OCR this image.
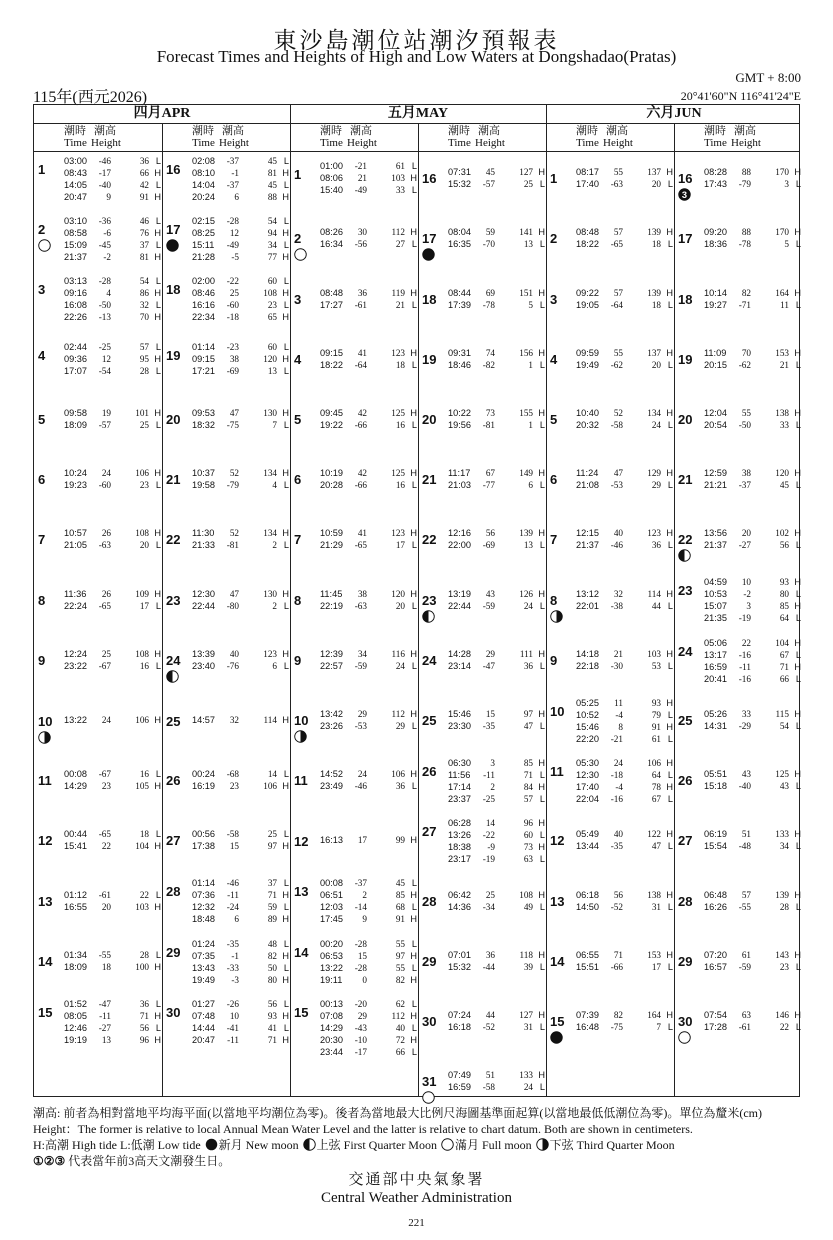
東沙島潮位站潮汐預報表
Forecast Times and Heights of High and Low Waters at Dongshadao(Pratas)
GMT + 8:00
115年(西元2026)	20°41'60"N 116°41'24"E
四月APR
潮時 潮高
Time Height
潮時 潮高
Time Height
1
03:00 -46	36 L
08:43 -17	66 H
14:05 -40	42 L
20:47 9	91 H
2
03:10 -36	46 L
08:58 -6	76 H
15:09 -45	37 L
21:37 -2	81 H
3
03:13 -28	54 L
09:16 4	86 H
16:08 -50	32 L
22:26 -13	70 H
4
02:44 -25	57 L
09:36 12	95 H
17:07 -54	28 L
5 09:58 19	101 H
18:09 -57	25 L
6 10:24 24	106 H
19:23 -60	23 L
7 10:57 26	108 H
21:05 -63	20 L
8 11:36 26	109 H
22:24 -65	17 L
9 12:24 25	108 H
23:22 -67	16 L
10 13:22 24	106 H
11 00:08 -67	16 L
14:29 23	105 H
12 00:44 -65	18 L
15:41 22	104 H
13 01:12 -61	22 L
16:55 20	103 H
14 01:34 -55	28 L
18:09 18	100 H
15
01:52 -47	36 L
08:05 -11	71 H
12:46 -27	56 L
19:19 13	96 H
16
02:08 -37	45 L
08:10 -1	81 H
14:04 -37	45 L
20:24 6	88 H
17
02:15 -28	54 L
08:25 12	94 H
15:11 -49	34 L
21:28 -5	77 H
18
02:00 -22	60 L
08:46 25	108 H
16:16 -60	23 L
22:34 -18	65 H
19
01:14 -23	60 L
09:15 38	120 H
17:21 -69	13 L
20 09:53 47	130 H
18:32 -75	7 L
21 10:37 52	134 H
19:58 -79	4 L
22 11:30 52	134 H
21:33 -81	2 L
23 12:30 47	130 H
22:44 -80	2 L
24 13:39 40	123 H
23:40 -76	6 L
25 14:57 32	114 H
26 00:24 -68	14 L
16:19 23	106 H
27 00:56 -58	25 L
17:38 15	97 H
28
01:14 -46	37 L
07:36 -11	71 H
12:32 -24	59 L
18:48 6	89 H
29
01:24 -35	48 L
07:35 -1	82 H
13:43 -33	50 L
19:49 -3	80 H
30
01:27 -26	56 L
07:48 10	93 H
14:44 -41	41 L
20:47 -11	71 H
五月MAY
潮時 潮高
Time Height
潮時 潮高
Time Height
1
01:00 -21	61 L
08:06 21	103 H
15:40 -49	33 L
2 08:26 30	112 H
16:34 -56	27 L
3 08:48 36	119 H
17:27 -61	21 L
4 09:15 41	123 H
18:22 -64	18 L
5 09:45 42	125 H
19:22 -66	16 L
6 10:19 42	125 H
20:28 -66	16 L
7 10:59 41	123 H
21:29 -65	17 L
8 11:45 38	120 H
22:19 -63	20 L
9 12:39 34	116 H
22:57 -59	24 L
10 13:42 29	112 H
23:26 -53	29 L
11 14:52 24	106 H
23:49 -46	36 L
12 16:13 17	99 H
13
00:08 -37	45 L
06:51 2	85 H
12:03 -14	68 L
17:45 9	91 H
14
00:20 -28	55 L
06:53 15	97 H
13:22 -28	55 L
19:11 0	82 H
15
00:13 -20	62 L
07:08 29	112 H
14:29 -43	40 L
20:30 -10	72 H
23:44 -17	66 L
16 07:31 45	127 H
15:32 -57	25 L
17 08:04 59	141 H
16:35 -70	13 L
18 08:44 69	151 H
17:39 -78	5 L
19 09:31 74	156 H
18:46 -82	1 L
20 10:22 73	155 H
19:56 -81	1 L
21 11:17 67	149 H
21:03 -77	6 L
22 12:16 56	139 H
22:00 -69	13 L
23 13:19 43	126 H
22:44 -59	24 L
24 14:28 29	111 H
23:14 -47	36 L
25 15:46 15	97 H
23:30 -35	47 L
26
06:30 3	85 H
11:56 -11	71 L
17:14 2	84 H
23:37 -25	57 L
27
06:28 14	96 H
13:26 -22	60 L
18:38 -9	73 H
23:17 -19	63 L
28 06:42 25	108 H
14:36 -34	49 L
29 07:01 36	118 H
15:32 -44	39 L
30 07:24 44	127 H
16:18 -52	31 L
31 07:49 51	133 H
16:59 -58	24 L
六月JUN
潮時 潮高
Time Height
潮時 潮高
Time Height
1 08:17 55	137 H
17:40 -63	20 L
2 08:48 57	139 H
18:22 -65	18 L
3 09:22 57	139 H
19:05 -64	18 L
4 09:59 55	137 H
19:49 -62	20 L
5 10:40 52	134 H
20:32 -58	24 L
6 11:24 47	129 H
21:08 -53	29 L
7 12:15 40	123 H
21:37 -46	36 L
8 13:12 32	114 H
22:01 -38	44 L
9 14:18 21	103 H
22:18 -30	53 L
10
05:25 11	93 H
10:52 -4	79 L
15:46 8	91 H
22:20 -21	61 L
11
05:30 24	106 H
12:30 -18	64 L
17:40 -4	78 H
22:04 -16	67 L
12 05:49 40	122 H
13:44 -35	47 L
13 06:18 56	138 H
14:50 -52	31 L
14 06:55 71	153 H
15:51 -66	17 L
15 07:39 82	164 H
16:48 -75	7 L
16
3
08:28 88	170 H
17:43 -79	3 L
17 09:20 88	170 H
18:36 -78	5 L
18 10:14 82	164 H
19:27 -71	11 L
19 11:09 70	153 H
20:15 -62	21 L
20 12:04 55	138 H
20:54 -50	33 L
21 12:59 38	120 H
21:21 -37	45 L
22 13:56 20	102 H
21:37 -27	56 L
23
04:59 10	93 H
10:53 -2	80 L
15:07 3	85 H
21:35 -19	64 L
24
05:06 22	104 H
13:17 -16	67 L
16:59 -11	71 H
20:41 -16	66 L
25 05:26 33	115 H
14:31 -29	54 L
26 05:51 43	125 H
15:18 -40	43 L
27 06:19 51	133 H
15:54 -48	34 L
28 06:48 57	139 H
16:26 -55	28 L
29 07:20 61	143 H
16:57 -59	23 L
30 07:54 63	146 H
17:28 -61	22 L
潮高: 前者為相對當地平均海平面(以當地平均潮位為零)。後者為當地最大比例尺海圖基準面起算(以當地最低低潮位為零)。單位為釐米(cm)
Height：The former is relative to local Annual Mean Water Level and the latter is relative to chart datum. Both are shown in centimeters.
H:高潮 High tide L:低潮 Low tide 新月 New moon 上弦 First Quarter Moon 滿月 Full moon 下弦 Third Quarter Moon
①②③ 代表當年前3高天文潮發生日。
交通部中央氣象署
Central Weather Administration
221
